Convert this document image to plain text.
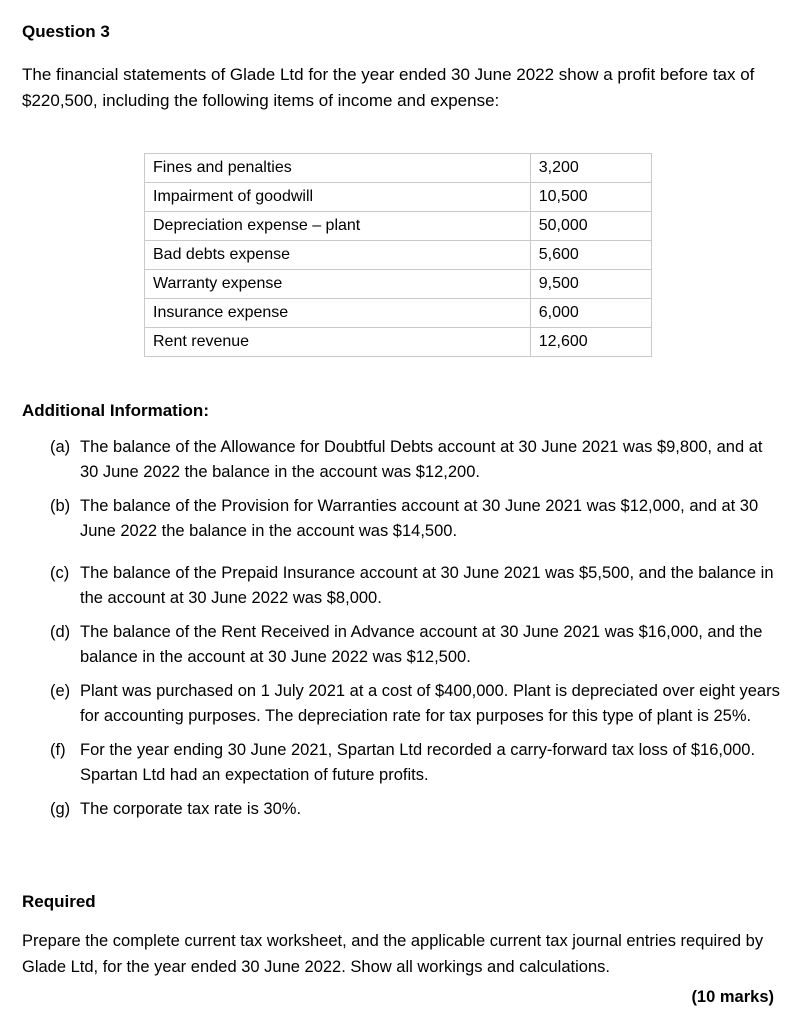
Question 3
The financial statements of Glade Ltd for the year ended 30 June 2022 show a profit before tax of $220,500, including the following items of income and expense:
Fines and penalties	3,200
Impairment of goodwill	10,500
Depreciation expense – plant	50,000
Bad debts expense	5,600
Warranty expense	9,500
Insurance expense	6,000
Rent revenue	12,600
Additional Information:
(a) The balance of the Allowance for Doubtful Debts account at 30 June 2021 was $9,800, and at 30 June 2022 the balance in the account was $12,200.
(b) The balance of the Provision for Warranties account at 30 June 2021 was $12,000, and at 30 June 2022 the balance in the account was $14,500.
(c) The balance of the Prepaid Insurance account at 30 June 2021 was $5,500, and the balance in the account at 30 June 2022 was $8,000.
(d) The balance of the Rent Received in Advance account at 30 June 2021 was $16,000, and the balance in the account at 30 June 2022 was $12,500.
(e) Plant was purchased on 1 July 2021 at a cost of $400,000. Plant is depreciated over eight years for accounting purposes. The depreciation rate for tax purposes for this type of plant is 25%.
(f) For the year ending 30 June 2021, Spartan Ltd recorded a carry-forward tax loss of $16,000. Spartan Ltd had an expectation of future profits.
(g) The corporate tax rate is 30%.
Required
Prepare the complete current tax worksheet, and the applicable current tax journal entries required by Glade Ltd, for the year ended 30 June 2022. Show all workings and calculations.
(10 marks)
